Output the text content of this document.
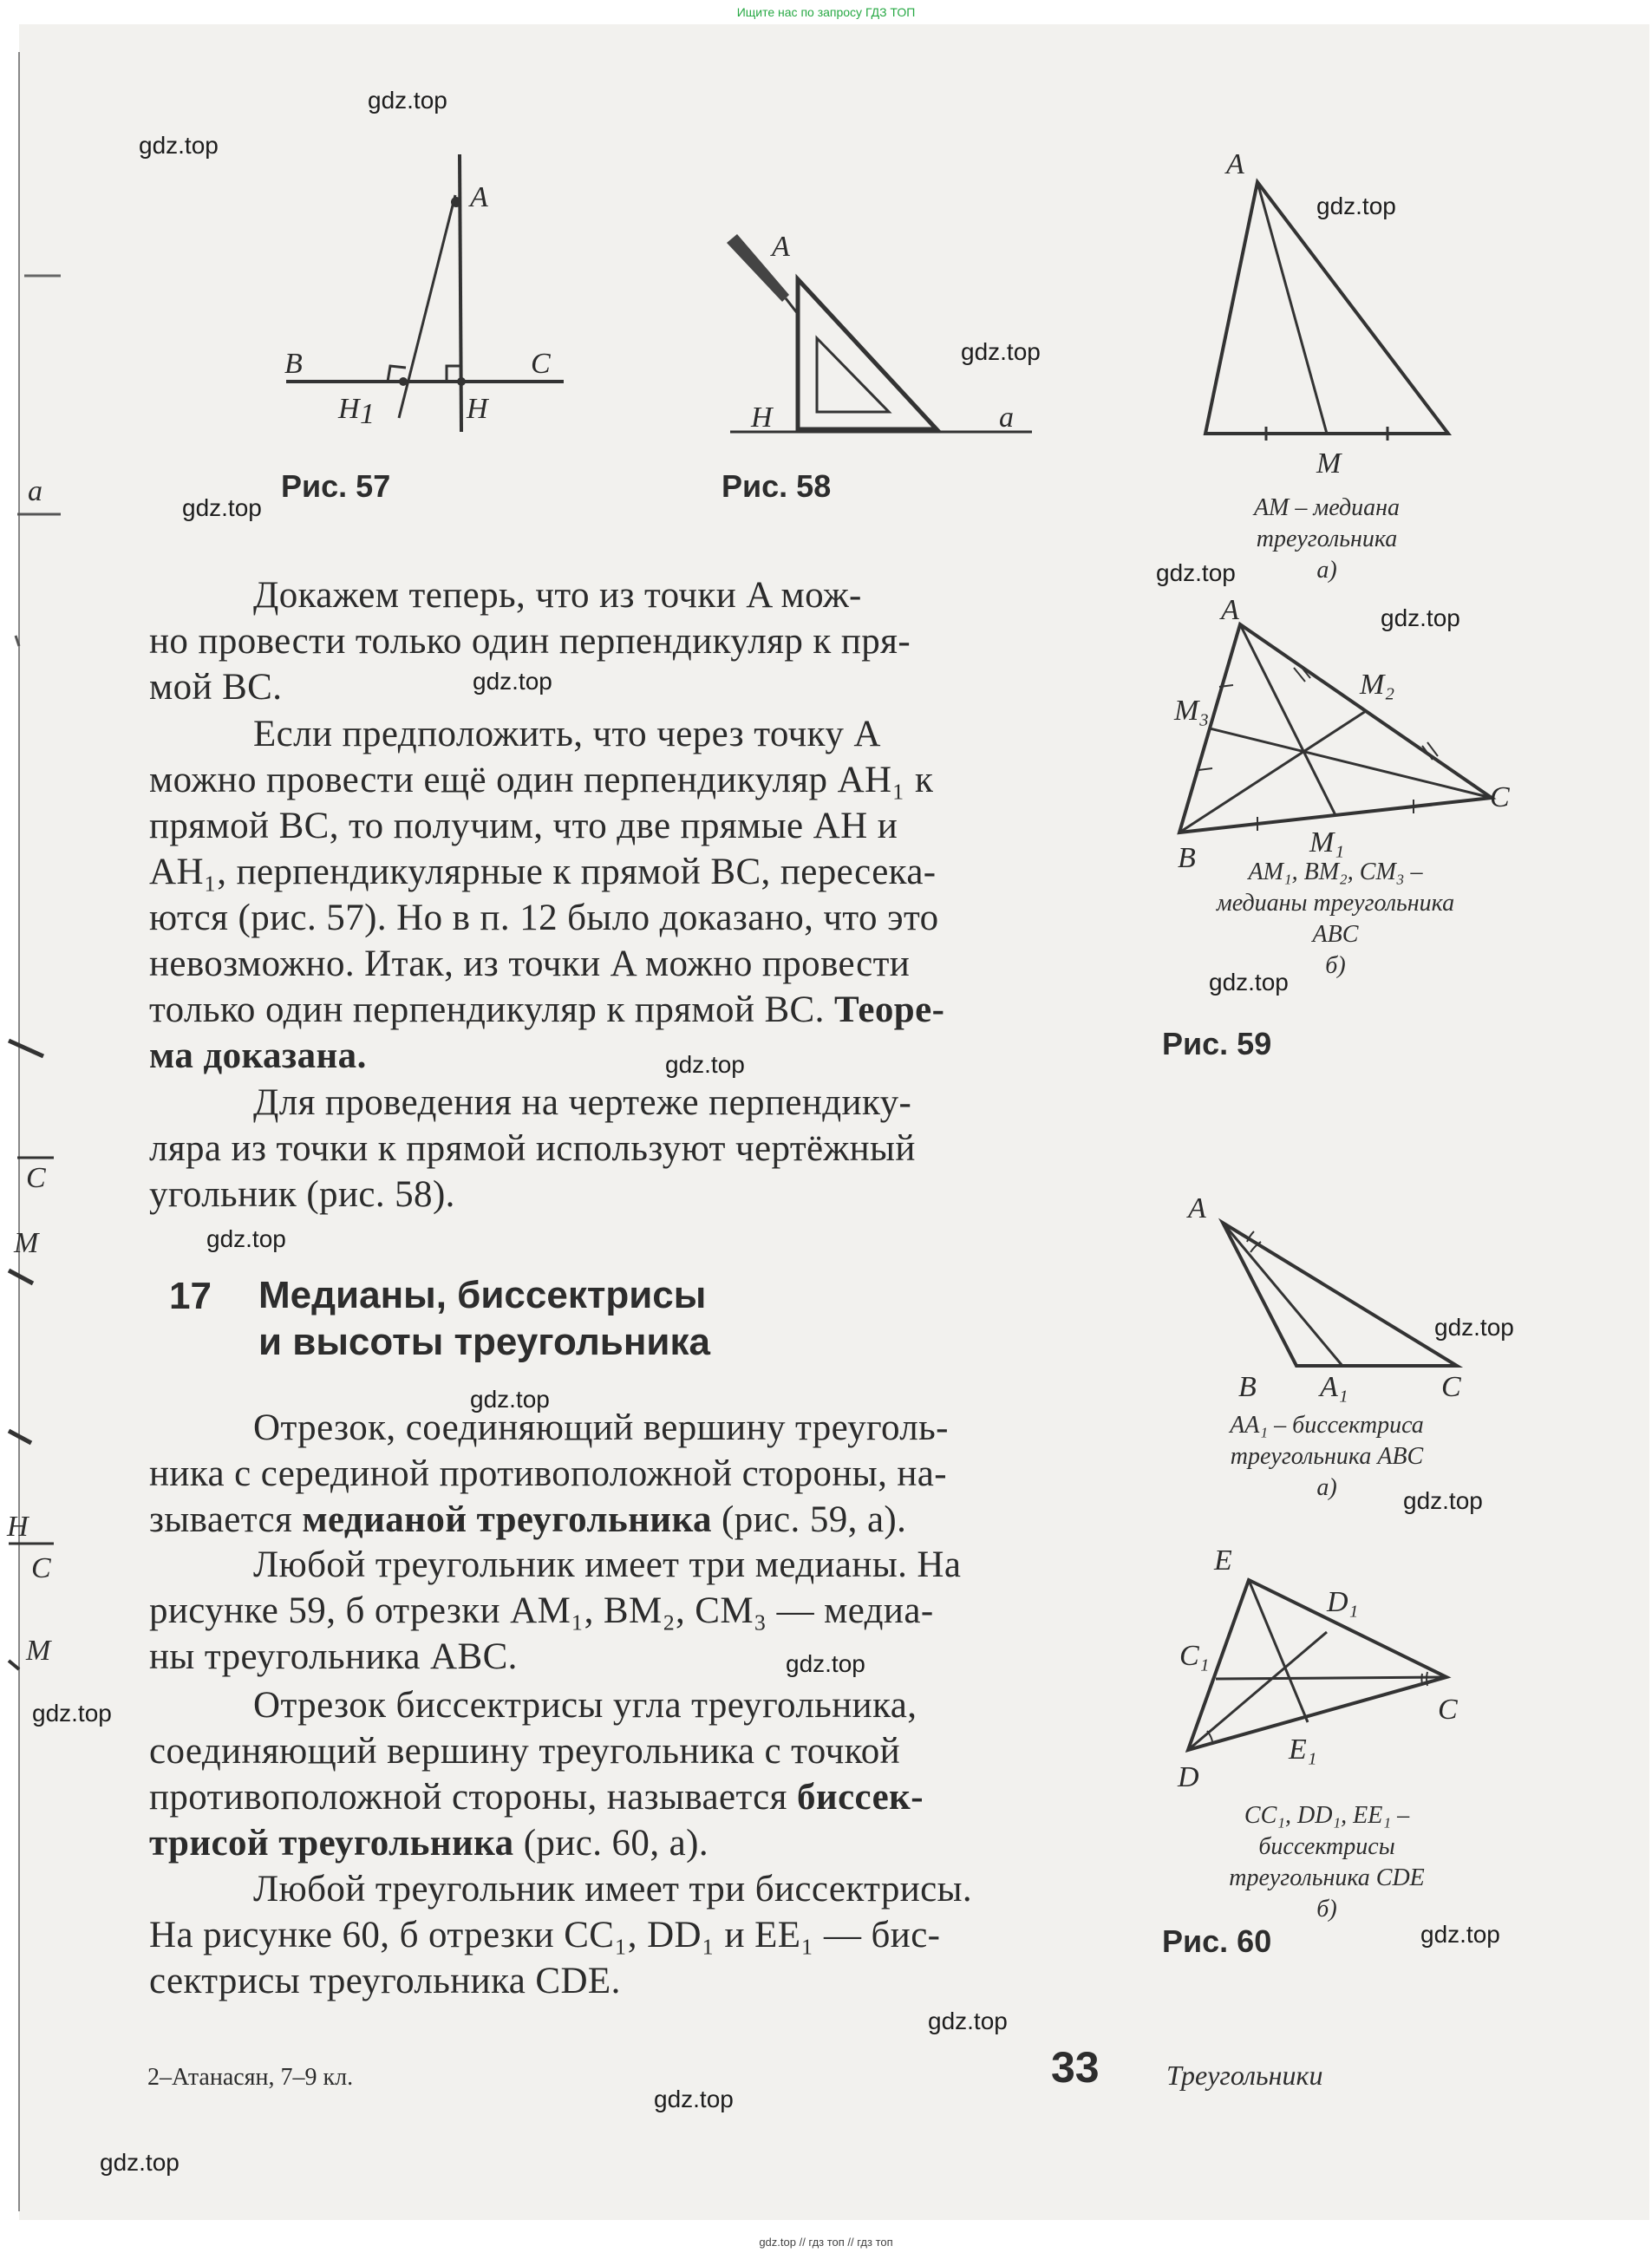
Ищите нас по запросу ГДЗ ТОП
a
C
M
H
C
M
A
B	C
1
H	H
Рис. 57
A
H	a
Рис. 58
A
M
AM – медиана
треугольника
а)
A
B
C
M₁
M₂
M₃
AM₁, BM₂, CM₃ –
медианы треугольника
ABC
б)
Рис. 59
A
B	C
A₁
AA₁ – биссектриса
треугольника ABC
а)
E
D
C
C₁
D₁
E₁
CC₁, DD₁, EE₁ –
биссектрисы
треугольника CDE
б)
Рис. 60
Докажем теперь, что из точки A мож-
но провести только один перпендикуляр к пря-
мой BC.
Если предположить, что через точку A
можно провести ещё один перпендикуляр AH₁ к
прямой BC, то получим, что две прямые AH и
AH₁, перпендикулярные к прямой BC, пересека-
ются (рис. 57). Но в п. 12 было доказано, что это
невозможно. Итак, из точки A можно провести
только один перпендикуляр к прямой BC. Теоре-
ма доказана.
Для проведения на чертеже перпендику-
ляра из точки к прямой используют чертёжный
угольник (рис. 58).
17 Медианы, биссектрисы
и высоты треугольника
Отрезок, соединяющий вершину треуголь-
ника с серединой противоположной стороны, на-
зывается медианой треугольника (рис. 59, а).
Любой треугольник имеет три медианы. На
рисунке 59, б отрезки AM₁, BM₂, CM₃ — медиа-
ны треугольника ABC.
Отрезок биссектрисы угла треугольника,
соединяющий вершину треугольника с точкой
противоположной стороны, называется биссек-
трисой треугольника (рис. 60, а).
Любой треугольник имеет три биссектрисы.
На рисунке 60, б отрезки CC₁, DD₁ и EE₁ — бис-
сектрисы треугольника CDE.
2–Атанасян, 7–9 кл.	33 Треугольники
gdz.top
gdz.top
gdz.top
gdz.top
gdz.top
gdz.top
gdz.top
gdz.top
gdz.top
gdz.top
gdz.top
gdz.top
gdz.top
gdz.top
gdz.top
gdz.top
gdz.top
gdz.top
gdz.top
gdz.top
gdz.top // гдз топ // гдз топ
